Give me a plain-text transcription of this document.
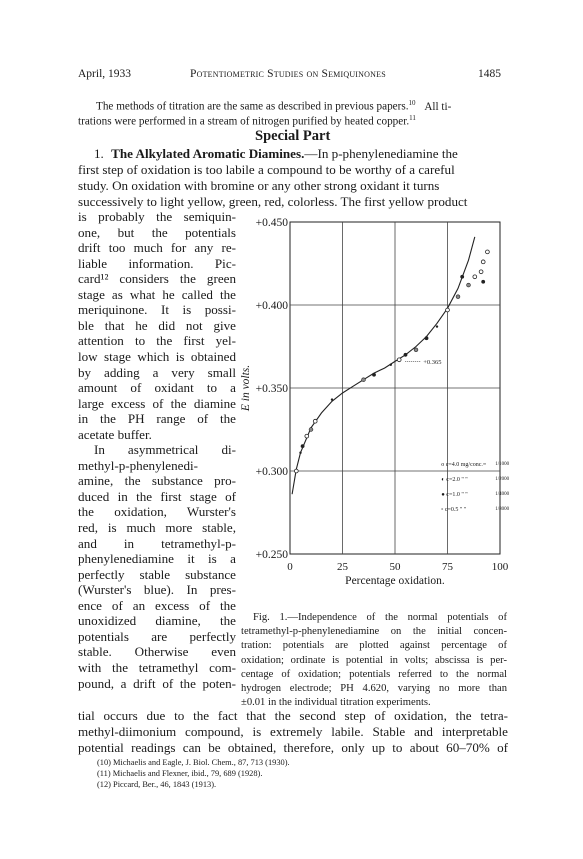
April, 1933	Potentiometric Studies on Semiquinones	1485
The methods of titration are the same as described in previous papers.$^{10}$ All ti-
trations were performed in a stream of nitrogen purified by heated copper.$^{11}$
Special Part
1. The Alkylated Aromatic Diamines.—In p-phenylenediamine the
first step of oxidation is too labile a compound to be worthy of a careful
study. On oxidation with bromine or any other strong oxidant it turns
successively to light yellow, green, red, colorless. The first yellow product
is probably the semiquin-
one, but the potentials
drift too much for any re-
liable information. Pic-
card¹² considers the green
stage as what he called the
meriquinone. It is possi-
ble that he did not give
attention to the first yel-
low stage which is obtained
by adding a very small
amount of oxidant to a
large excess of the diamine
in the PH range of the
acetate buffer.
In asymmetrical di-
methyl-p-phenylenedi-
amine, the substance pro-
duced in the first stage of
the oxidation, Wurster's
red, is much more stable,
and in tetramethyl-p-
phenylenediamine it is a
perfectly stable substance
(Wurster's blue). In pres-
ence of an excess of the
unoxidized diamine, the
potentials are perfectly
stable. Otherwise even
with the tetramethyl com-
pound, a drift of the poten-
0	25	50	75	100
+0.250
+0.300
+0.350
+0.400
+0.450
Percentage oxidation.
E in volts.
+0.365
o c=4.0 mg/conc.= 1/1000
◐ c=2.0 " "	1/2000
● c=1.0 " "	1/4000
▫ c=0.5 " "	1/8000
Fig. 1.—Independence of the normal potentials of
tetramethyl-p-phenylenediamine on the initial concen-
tration: potentials are plotted against percentage of
oxidation; ordinate is potential in volts; abscissa is per-
centage of oxidation; potentials referred to the normal
hydrogen electrode; PH 4.620, varying no more than
±0.01 in the individual titration experiments.
tial occurs due to the fact that the second step of oxidation, the tetra-
methyl-diimonium compound, is extremely labile. Stable and interpretable
potential readings can be obtained, therefore, only up to about 60–70% of
(10) Michaelis and Eagle, J. Biol. Chem., 87, 713 (1930).
(11) Michaelis and Flexner, ibid., 79, 689 (1928).
(12) Piccard, Ber., 46, 1843 (1913).
